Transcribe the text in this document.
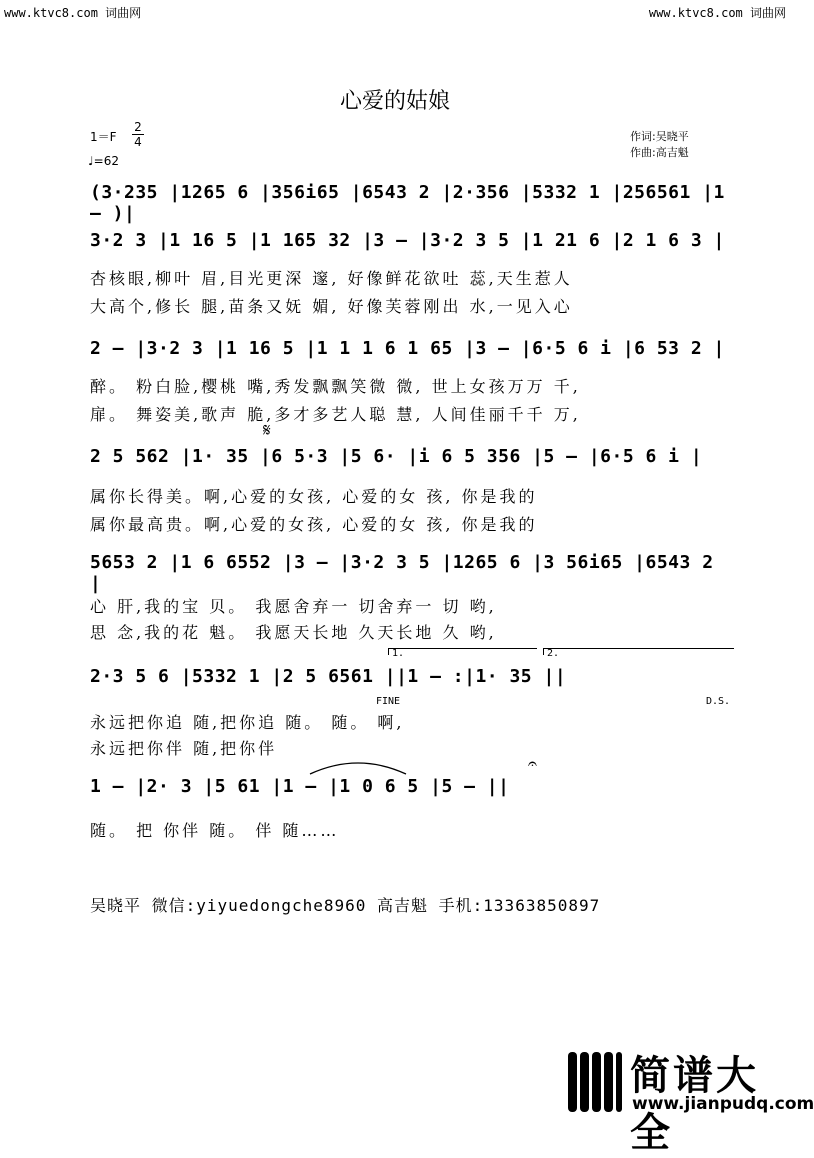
www.ktvc8.com 词曲网	www.ktvc8.com 词曲网
心爱的姑娘
1＝F
2
4
♩=62
作词:吴晓平
作曲:高吉魁
(3·235 |1265 6 |356i65 |6543 2 |2·356 |5332 1 |256561 |1 – )|
3·2 3 |1 16 5 |1 165 32 |3 – |3·2 3 5 |1 21 6 |2 1 6 3 |
杏核眼,柳叶 眉,目光更深 邃, 好像鲜花欲吐 蕊,天生惹人
大高个,修长 腿,苗条又妩 媚, 好像芙蓉刚出 水,一见入心
2 – |3·2 3 |1 16 5 |1 1 1 6 1 65 |3 – |6·5 6 i |6 53 2 |
醉。 粉白脸,樱桃 嘴,秀发飘飘笑微 微, 世上女孩万万 千,
扉。 舞姿美,歌声 脆,多才多艺人聪 慧, 人间佳丽千千 万,
𝄋
2 5 562 |1· 35 |6 5·3 |5 6· |i 6 5 356 |5 – |6·5 6 i |
属你长得美。啊,心爱的女孩, 心爱的女 孩, 你是我的
属你最高贵。啊,心爱的女孩, 心爱的女 孩, 你是我的
5653 2 |1 6 6552 |3 – |3·2 3 5 |1265 6 |3 56i65 |6543 2 |
心 肝,我的宝 贝。 我愿舍弃一 切舍弃一 切 哟,
思 念,我的花 魁。 我愿天长地 久天长地 久 哟,
1.	2.
2·3 5 6 |5332 1 |2 5 6561 ||1 – :|1· 35 ||
FINE	D.S.
永远把你追 随,把你追 随。 随。 啊,
永远把你伴 随,把你伴
𝄐
1 – |2· 3 |5 61 |1 – |1 0 6 5 |5 – ||
随。 把 你伴 随。 伴 随……
吴晓平 微信:yiyuedongche8960 高吉魁 手机:13363850897
简谱大全
www.jianpudq.com
